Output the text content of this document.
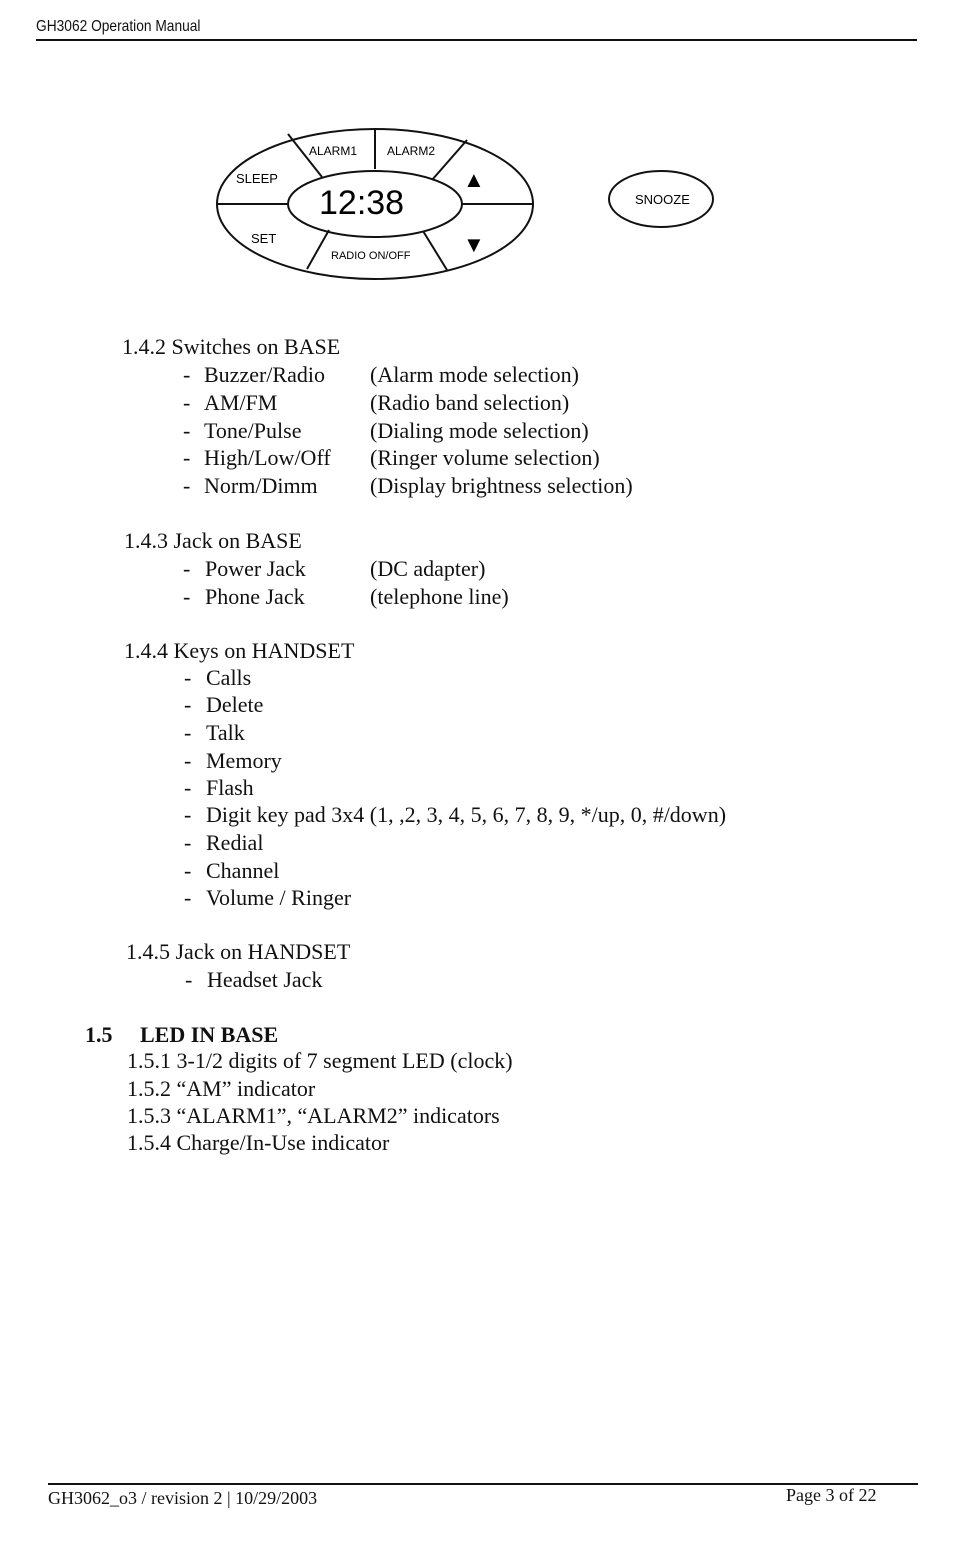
GH3062 Operation Manual
SLEEP
ALARM1 ALARM2
12:38
SET
RADIO ON/OFF
▲
▼
SNOOZE
1.4.2 Switches on BASE
- Buzzer/Radio (Alarm mode selection)
- AM/FM	(Radio band selection)
- Tone/Pulse	(Dialing mode selection)
- High/Low/Off (Ringer volume selection)
- Norm/Dimm (Display brightness selection)
1.4.3 Jack on BASE
- Power Jack	(DC adapter)
- Phone Jack	(telephone line)
1.4.4 Keys on HANDSET
- Calls
- Delete
- Talk
- Memory
- Flash
- Digit key pad 3x4 (1, ,2, 3, 4, 5, 6, 7, 8, 9, */up, 0, #/down)
- Redial
- Channel
- Volume / Ringer
1.4.5 Jack on HANDSET
- Headset Jack
1.5 LED IN BASE
1.5.1 3-1/2 digits of 7 segment LED (clock)
1.5.2 “AM” indicator
1.5.3 “ALARM1”, “ALARM2” indicators
1.5.4 Charge/In-Use indicator
GH3062_o3 / revision 2 | 10/29/2003	Page 3 of 22
